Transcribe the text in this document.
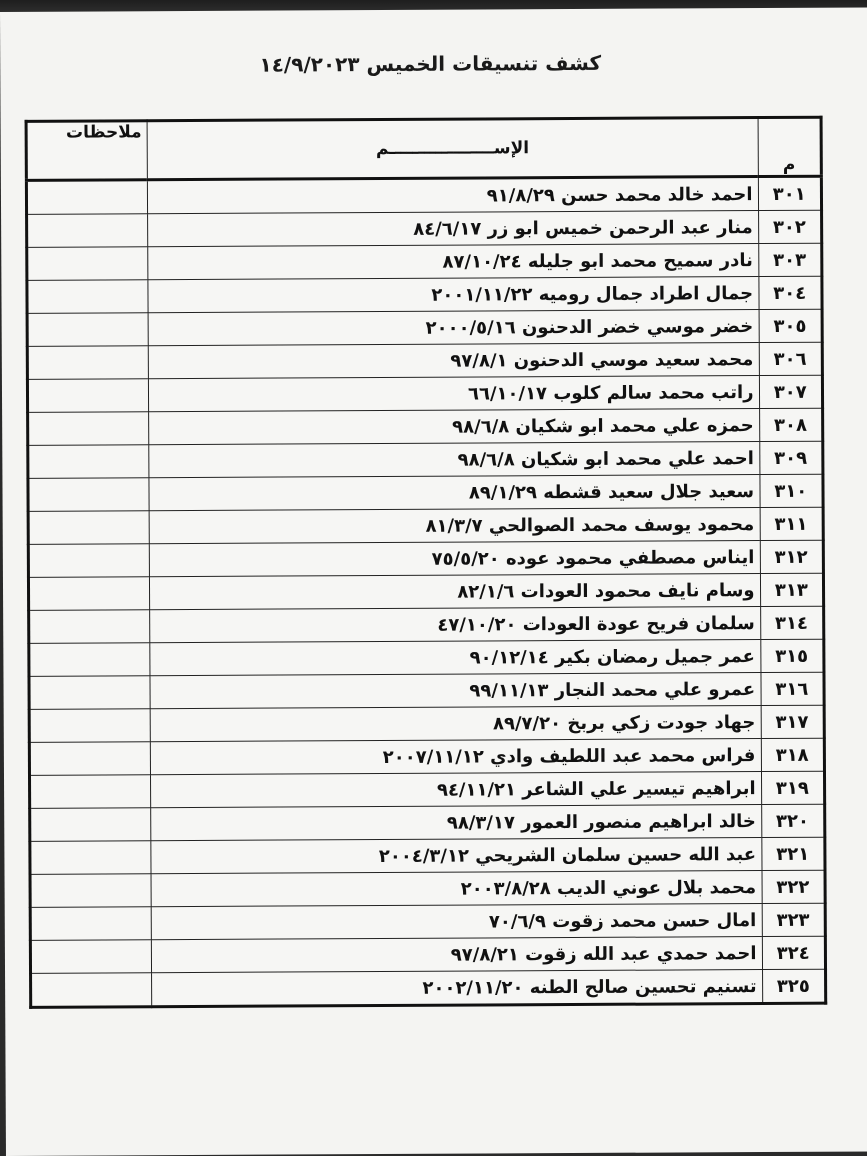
كشف تنسيقات الخميس ١٤/٩/٢٠٢٣
م	الإســــــــــــــــــم	ملاحظات
٣٠١	احمد خالد محمد حسن ٩١/٨/٢٩	
٣٠٢	منار عبد الرحمن خميس ابو زر ٨٤/٦/١٧	
٣٠٣	نادر سميح محمد ابو جليله ٨٧/١٠/٢٤	
٣٠٤	جمال اطراد جمال روميه ٢٠٠١/١١/٢٢	
٣٠٥	خضر موسي خضر الدحنون ٢٠٠٠/٥/١٦	
٣٠٦	محمد سعيد موسي الدحنون ٩٧/٨/١	
٣٠٧	راتب محمد سالم كلوب ٦٦/١٠/١٧	
٣٠٨	حمزه علي محمد ابو شكيان ٩٨/٦/٨	
٣٠٩	احمد علي محمد ابو شكيان ٩٨/٦/٨	
٣١٠	سعيد جلال سعيد قشطه ٨٩/١/٢٩	
٣١١	محمود يوسف محمد الصوالحي ٨١/٣/٧	
٣١٢	ايناس مصطفي محمود عوده ٧٥/٥/٢٠	
٣١٣	وسام نايف محمود العودات ٨٢/١/٦	
٣١٤	سلمان فريح عودة العودات ٤٧/١٠/٢٠	
٣١٥	عمر جميل رمضان بكير ٩٠/١٢/١٤	
٣١٦	عمرو علي محمد النجار ٩٩/١١/١٣	
٣١٧	جهاد جودت زكي بربخ ٨٩/٧/٢٠	
٣١٨	فراس محمد عبد اللطيف وادي ٢٠٠٧/١١/١٢	
٣١٩	ابراهيم تيسير علي الشاعر ٩٤/١١/٢١	
٣٢٠	خالد ابراهيم منصور العمور ٩٨/٣/١٧	
٣٢١	عبد الله حسين سلمان الشريحي ٢٠٠٤/٣/١٢	
٣٢٢	محمد بلال عوني الديب ٢٠٠٣/٨/٢٨	
٣٢٣	امال حسن محمد زقوت ٧٠/٦/٩	
٣٢٤	احمد حمدي عبد الله زقوت ٩٧/٨/٢١	
٣٢٥	تسنيم تحسين صالح الطنه ٢٠٠٢/١١/٢٠	
